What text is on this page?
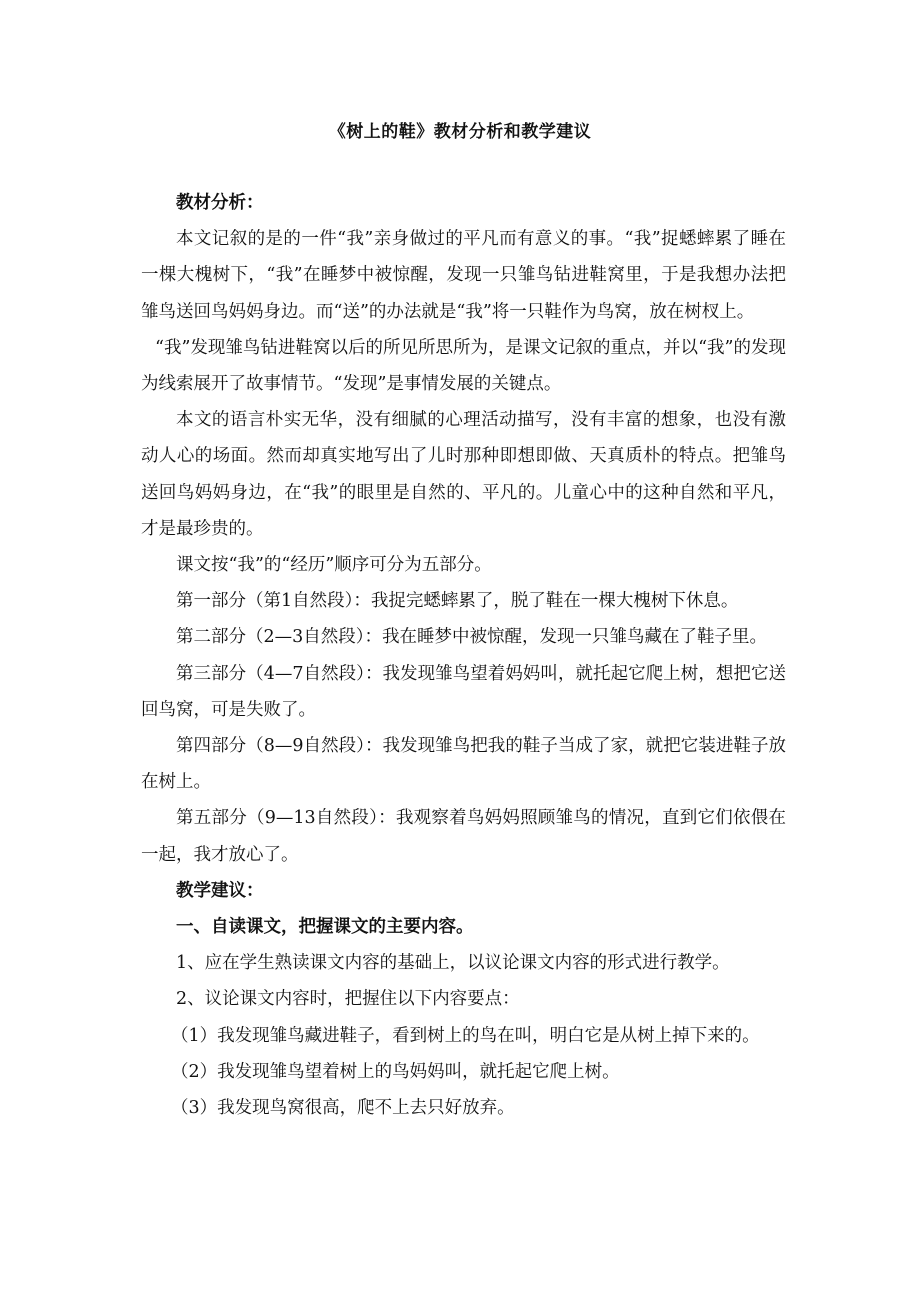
《树上的鞋》教材分析和教学建议

教材分析：

本文记叙的是的一件“我”亲身做过的平凡而有意义的事。“我”捉蟋蟀累了睡在一棵大槐树下，“我”在睡梦中被惊醒，发现一只雏鸟钻进鞋窝里，于是我想办法把雏鸟送回鸟妈妈身边。而“送”的办法就是“我”将一只鞋作为鸟窝，放在树杈上。

“我”发现雏鸟钻进鞋窝以后的所见所思所为，是课文记叙的重点，并以“我”的发现为线索展开了故事情节。“发现”是事情发展的关键点。

本文的语言朴实无华，没有细腻的心理活动描写，没有丰富的想象，也没有激动人心的场面。然而却真实地写出了儿时那种即想即做、天真质朴的特点。把雏鸟送回鸟妈妈身边，在“我”的眼里是自然的、平凡的。儿童心中的这种自然和平凡，才是最珍贵的。

课文按“我”的“经历”顺序可分为五部分。

第一部分（第1自然段）：我捉完蟋蟀累了，脱了鞋在一棵大槐树下休息。

第二部分（2—3自然段）：我在睡梦中被惊醒，发现一只雏鸟藏在了鞋子里。

第三部分（4—7自然段）：我发现雏鸟望着妈妈叫，就托起它爬上树，想把它送回鸟窝，可是失败了。

第四部分（8—9自然段）：我发现雏鸟把我的鞋子当成了家，就把它装进鞋子放在树上。

第五部分（9—13自然段）：我观察着鸟妈妈照顾雏鸟的情况，直到它们依偎在一起，我才放心了。

教学建议：

一、自读课文，把握课文的主要内容。

1、应在学生熟读课文内容的基础上，以议论课文内容的形式进行教学。

2、议论课文内容时，把握住以下内容要点：

（1）我发现雏鸟藏进鞋子，看到树上的鸟在叫，明白它是从树上掉下来的。

（2）我发现雏鸟望着树上的鸟妈妈叫，就托起它爬上树。

（3）我发现鸟窝很高，爬不上去只好放弃。
